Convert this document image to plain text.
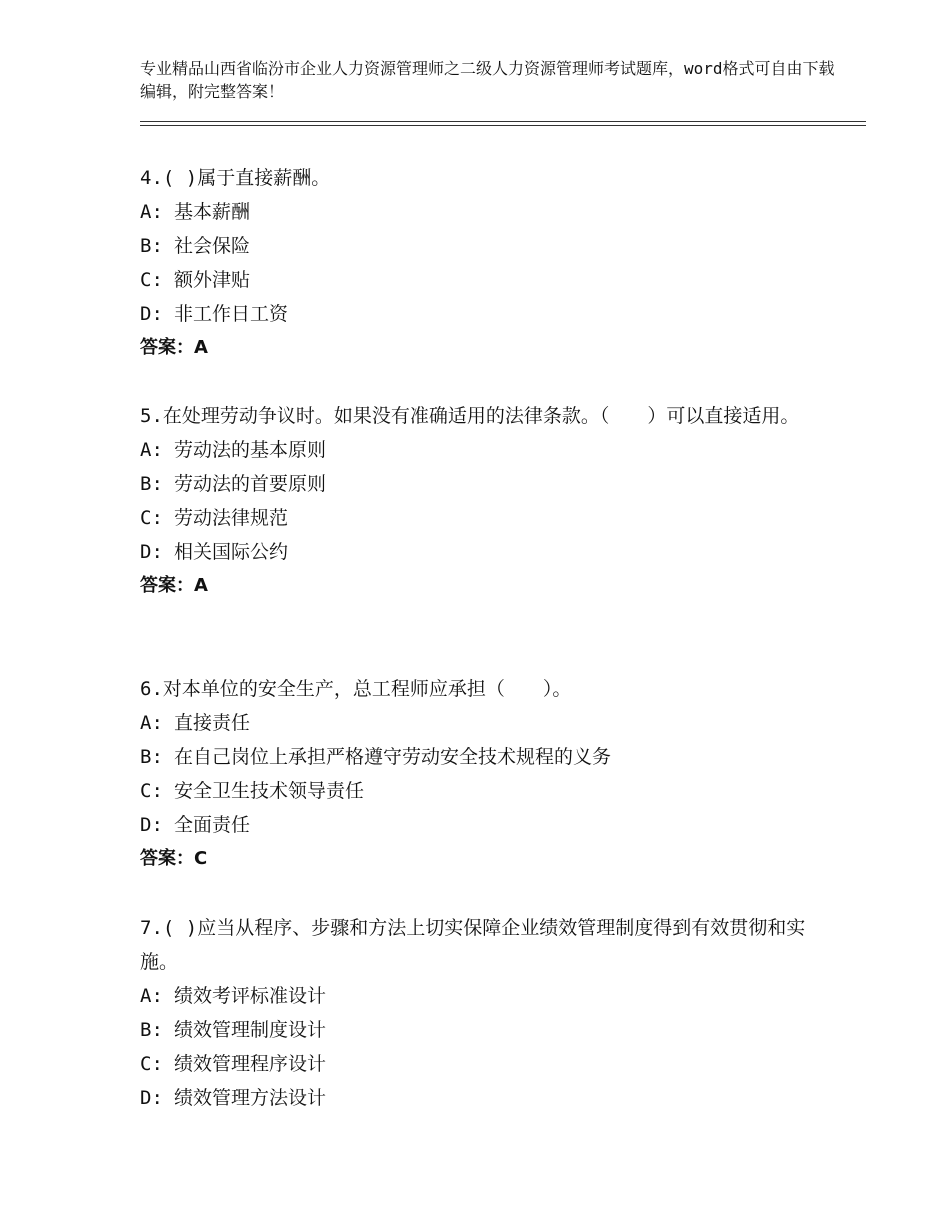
专业精品山西省临汾市企业人力资源管理师之二级人力资源管理师考试题库，word格式可自由下载编辑，附完整答案！

4.( )属于直接薪酬。

A: 基本薪酬

B: 社会保险

C: 额外津贴

D: 非工作日工资

答案：A

5.在处理劳动争议时。如果没有准确适用的法律条款。（　　）可以直接适用。

A: 劳动法的基本原则

B: 劳动法的首要原则

C: 劳动法律规范

D: 相关国际公约

答案：A

6.对本单位的安全生产，总工程师应承担（　　）。

A: 直接责任

B: 在自己岗位上承担严格遵守劳动安全技术规程的义务

C: 安全卫生技术领导责任

D: 全面责任

答案：C

7.( )应当从程序、步骤和方法上切实保障企业绩效管理制度得到有效贯彻和实施。

A: 绩效考评标准设计

B: 绩效管理制度设计

C: 绩效管理程序设计

D: 绩效管理方法设计
